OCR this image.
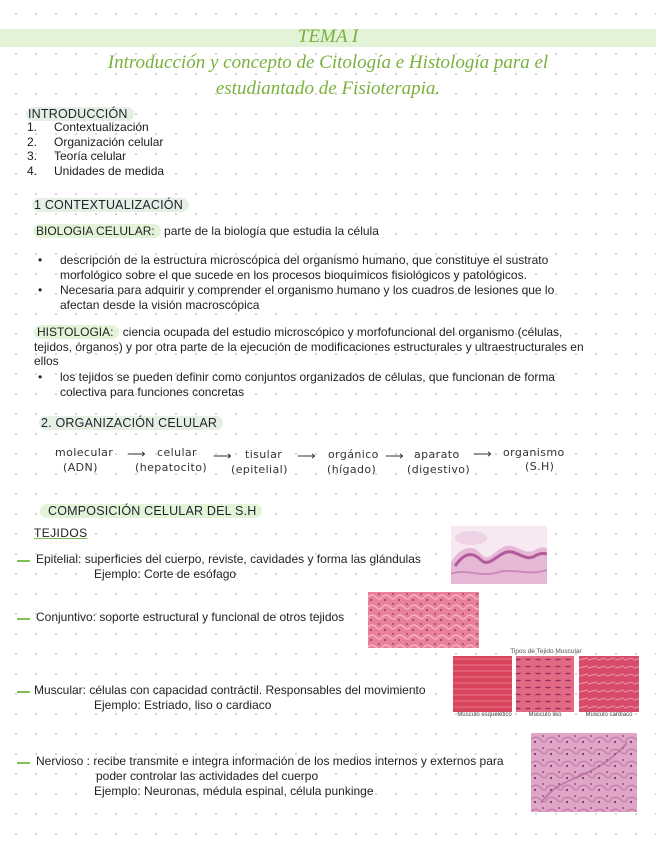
TEMA I
Introducción y concepto de Citología e Histología para el
estudiantado de Fisioterapia.
INTRODUCCIÓN
1. Contextualización
2. Organización celular
3. Teoría celular
4. Unidades de medida
1 CONTEXTUALIZACIÓN
BIOLOGIA CELULAR: parte de la biología que estudia la célula
• descripción de la estructura microscópica del organismo humano, que constituye el sustrato morfológico sobre el que sucede en los procesos bioquímicos fisiológicos y patológicos.
• Necesaria para adquirir y comprender el organismo humano y los cuadros de lesiones que lo afectan desde la visión macroscópica
HISTOLOGIA: ciencia ocupada del estudio microscópico y morfofuncional del organismo (células, tejidos, órganos) y por otra parte de la ejecución de modificaciones estructurales y ultraestructurales en ellos
• los tejidos se pueden definir como conjuntos organizados de células, que funcionan de forma colectiva para funciones concretas
2. ORGANIZACIÓN CELULAR
molecular
(ADN)
⟶ celular
(hepatocito)
⟶ tisular
(epitelial)
⟶ orgánico
(hígado)
⟶ aparato
(digestivo)
⟶ organismo
(S.H)
COMPOSICIÓN CELULAR DEL S.H
TEJIDOS
Epitelial: superficies del cuerpo, reviste, cavidades y forma las glándulas
Ejemplo: Corte de esófago
Conjuntivo: soporte estructural y funcional de otros tejidos
Tipos de Tejido Muscular
Músculo esquelético	Músculo liso	Músculo cardíaco
Muscular: células con capacidad contráctil. Responsables del movimiento
Ejemplo: Estriado, liso o cardiaco
Nervioso : recibe transmite e integra información de los medios internos y externos para
poder controlar las actividades del cuerpo
Ejemplo: Neuronas, médula espinal, célula punkinge
